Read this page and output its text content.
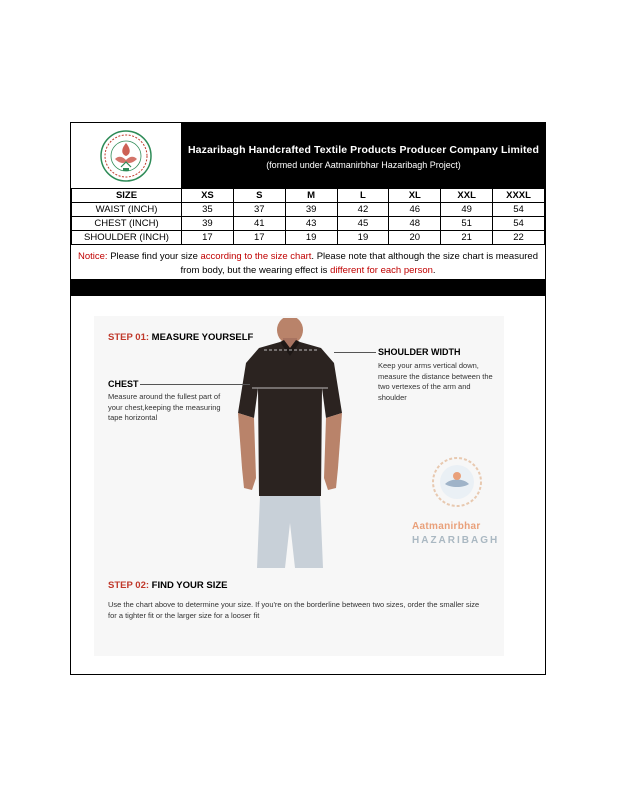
Hazaribagh Handcrafted Textile Products Producer Company Limited
(formed under Aatmanirbhar Hazaribagh Project)
SIZE	XS	S	M	L	XL	XXL	XXXL
WAIST (INCH)	35	37	39	42	46	49	54
CHEST (INCH)	39	41	43	45	48	51	54
SHOULDER (INCH)	17	17	19	19	20	21	22
Notice: Please find your size according to the size chart. Please note that although the size chart is measured from body, but the wearing effect is different for each person.
STEP 01: MEASURE YOURSELF
CHEST
Measure around the fullest part of your chest,keeping the measuring tape horizontal
SHOULDER WIDTH
Keep your arms vertical down, measure the distance between the two vertexes of the arm and shoulder
Aatmanirbhar
HAZARIBAGH
STEP 02: FIND YOUR SIZE
Use the chart above to determine your size. If you're on the borderline between two sizes, order the smaller size for a tighter fit or the larger size for a looser fit
